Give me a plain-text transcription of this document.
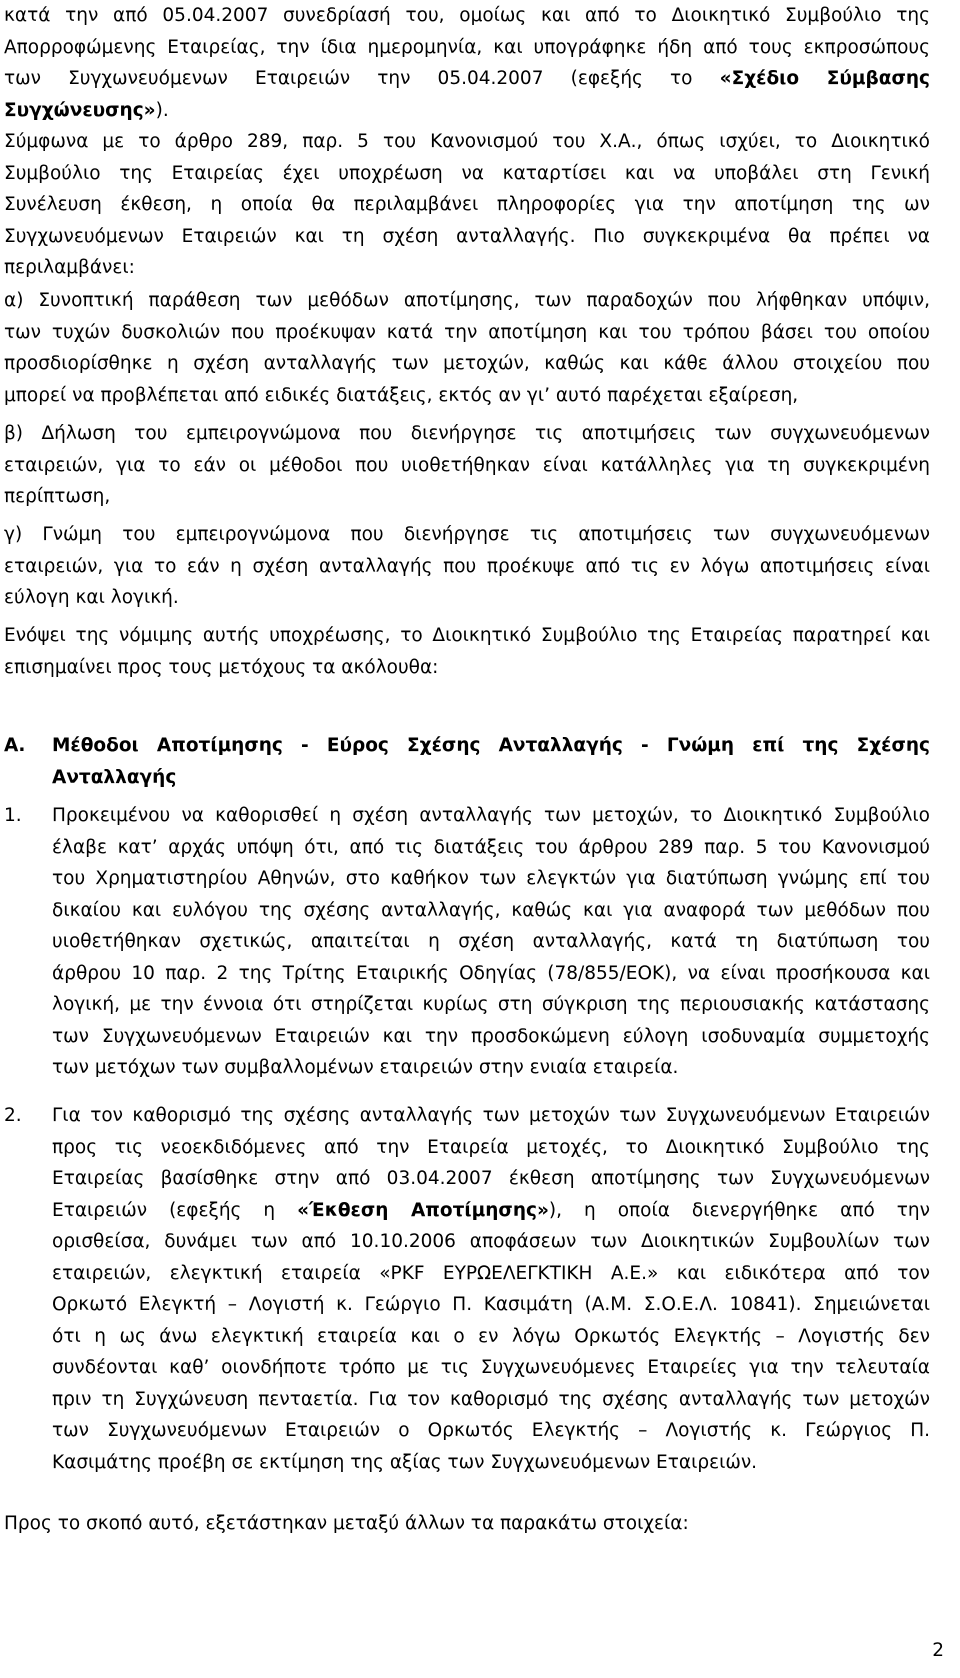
κατά την από 05.04.2007 συνεδρίασή του, ομοίως και από το Διοικητικό Συμβούλιο της
Απορροφώμενης Εταιρείας, την ίδια ημερομηνία, και υπογράφηκε ήδη από τους εκπροσώπους
των Συγχωνευόμενων Εταιρειών την 05.04.2007 (εφεξής το «Σχέδιο Σύμβασης
Συγχώνευσης»).
Σύμφωνα με το άρθρο 289, παρ. 5 του Κανονισμού του Χ.Α., όπως ισχύει, το Διοικητικό
Συμβούλιο της Εταιρείας έχει υποχρέωση να καταρτίσει και να υποβάλει στη Γενική
Συνέλευση έκθεση, η οποία θα περιλαμβάνει πληροφορίες για την αποτίμηση της ων
Συγχωνευόμενων Εταιρειών και τη σχέση ανταλλαγής. Πιο συγκεκριμένα θα πρέπει να
περιλαμβάνει:
α) Συνοπτική παράθεση των μεθόδων αποτίμησης, των παραδοχών που λήφθηκαν υπόψιν,
των τυχών δυσκολιών που προέκυψαν κατά την αποτίμηση και του τρόπου βάσει του οποίου
προσδιορίσθηκε η σχέση ανταλλαγής των μετοχών, καθώς και κάθε άλλου στοιχείου που
μπορεί να προβλέπεται από ειδικές διατάξεις, εκτός αν γι’ αυτό παρέχεται εξαίρεση,
β) Δήλωση του εμπειρογνώμονα που διενήργησε τις αποτιμήσεις των συγχωνευόμενων
εταιρειών, για το εάν οι μέθοδοι που υιοθετήθηκαν είναι κατάλληλες για τη συγκεκριμένη
περίπτωση,
γ) Γνώμη του εμπειρογνώμονα που διενήργησε τις αποτιμήσεις των συγχωνευόμενων
εταιρειών, για το εάν η σχέση ανταλλαγής που προέκυψε από τις εν λόγω αποτιμήσεις είναι
εύλογη και λογική.
Ενόψει της νόμιμης αυτής υποχρέωσης, το Διοικητικό Συμβούλιο της Εταιρείας παρατηρεί και
επισημαίνει προς τους μετόχους τα ακόλουθα:
Α. Μέθοδοι Αποτίμησης - Εύρος Σχέσης Ανταλλαγής - Γνώμη επί της Σχέσης
Ανταλλαγής
1. Προκειμένου να καθορισθεί η σχέση ανταλλαγής των μετοχών, το Διοικητικό Συμβούλιο
έλαβε κατ’ αρχάς υπόψη ότι, από τις διατάξεις του άρθρου 289 παρ. 5 του Κανονισμού
του Χρηματιστηρίου Αθηνών, στο καθήκον των ελεγκτών για διατύπωση γνώμης επί του
δικαίου και ευλόγου της σχέσης ανταλλαγής, καθώς και για αναφορά των μεθόδων που
υιοθετήθηκαν σχετικώς, απαιτείται η σχέση ανταλλαγής, κατά τη διατύπωση του
άρθρου 10 παρ. 2 της Τρίτης Εταιρικής Οδηγίας (78/855/ΕΟΚ), να είναι προσήκουσα και
λογική, με την έννοια ότι στηρίζεται κυρίως στη σύγκριση της περιουσιακής κατάστασης
των Συγχωνευόμενων Εταιρειών και την προσδοκώμενη εύλογη ισοδυναμία συμμετοχής
των μετόχων των συμβαλλομένων εταιρειών στην ενιαία εταιρεία.
2. Για τον καθορισμό της σχέσης ανταλλαγής των μετοχών των Συγχωνευόμενων Εταιρειών
προς τις νεοεκδιδόμενες από την Εταιρεία μετοχές, το Διοικητικό Συμβούλιο της
Εταιρείας βασίσθηκε στην από 03.04.2007 έκθεση αποτίμησης των Συγχωνευόμενων
Εταιρειών (εφεξής η «Έκθεση Αποτίμησης»), η οποία διενεργήθηκε από την
ορισθείσα, δυνάμει των από 10.10.2006 αποφάσεων των Διοικητικών Συμβουλίων των
εταιρειών, ελεγκτική εταιρεία «PKF ΕΥΡΩΕΛΕΓΚΤΙΚΗ Α.Ε.» και ειδικότερα από τον
Ορκωτό Ελεγκτή – Λογιστή κ. Γεώργιο Π. Κασιμάτη (Α.Μ. Σ.Ο.Ε.Λ. 10841). Σημειώνεται
ότι η ως άνω ελεγκτική εταιρεία και ο εν λόγω Ορκωτός Ελεγκτής – Λογιστής δεν
συνδέονται καθ’ οιονδήποτε τρόπο με τις Συγχωνευόμενες Εταιρείες για την τελευταία
πριν τη Συγχώνευση πενταετία. Για τον καθορισμό της σχέσης ανταλλαγής των μετοχών
των Συγχωνευόμενων Εταιρειών ο Ορκωτός Ελεγκτής – Λογιστής κ. Γεώργιος Π.
Κασιμάτης προέβη σε εκτίμηση της αξίας των Συγχωνευόμενων Εταιρειών.
Προς το σκοπό αυτό, εξετάστηκαν μεταξύ άλλων τα παρακάτω στοιχεία:
2
